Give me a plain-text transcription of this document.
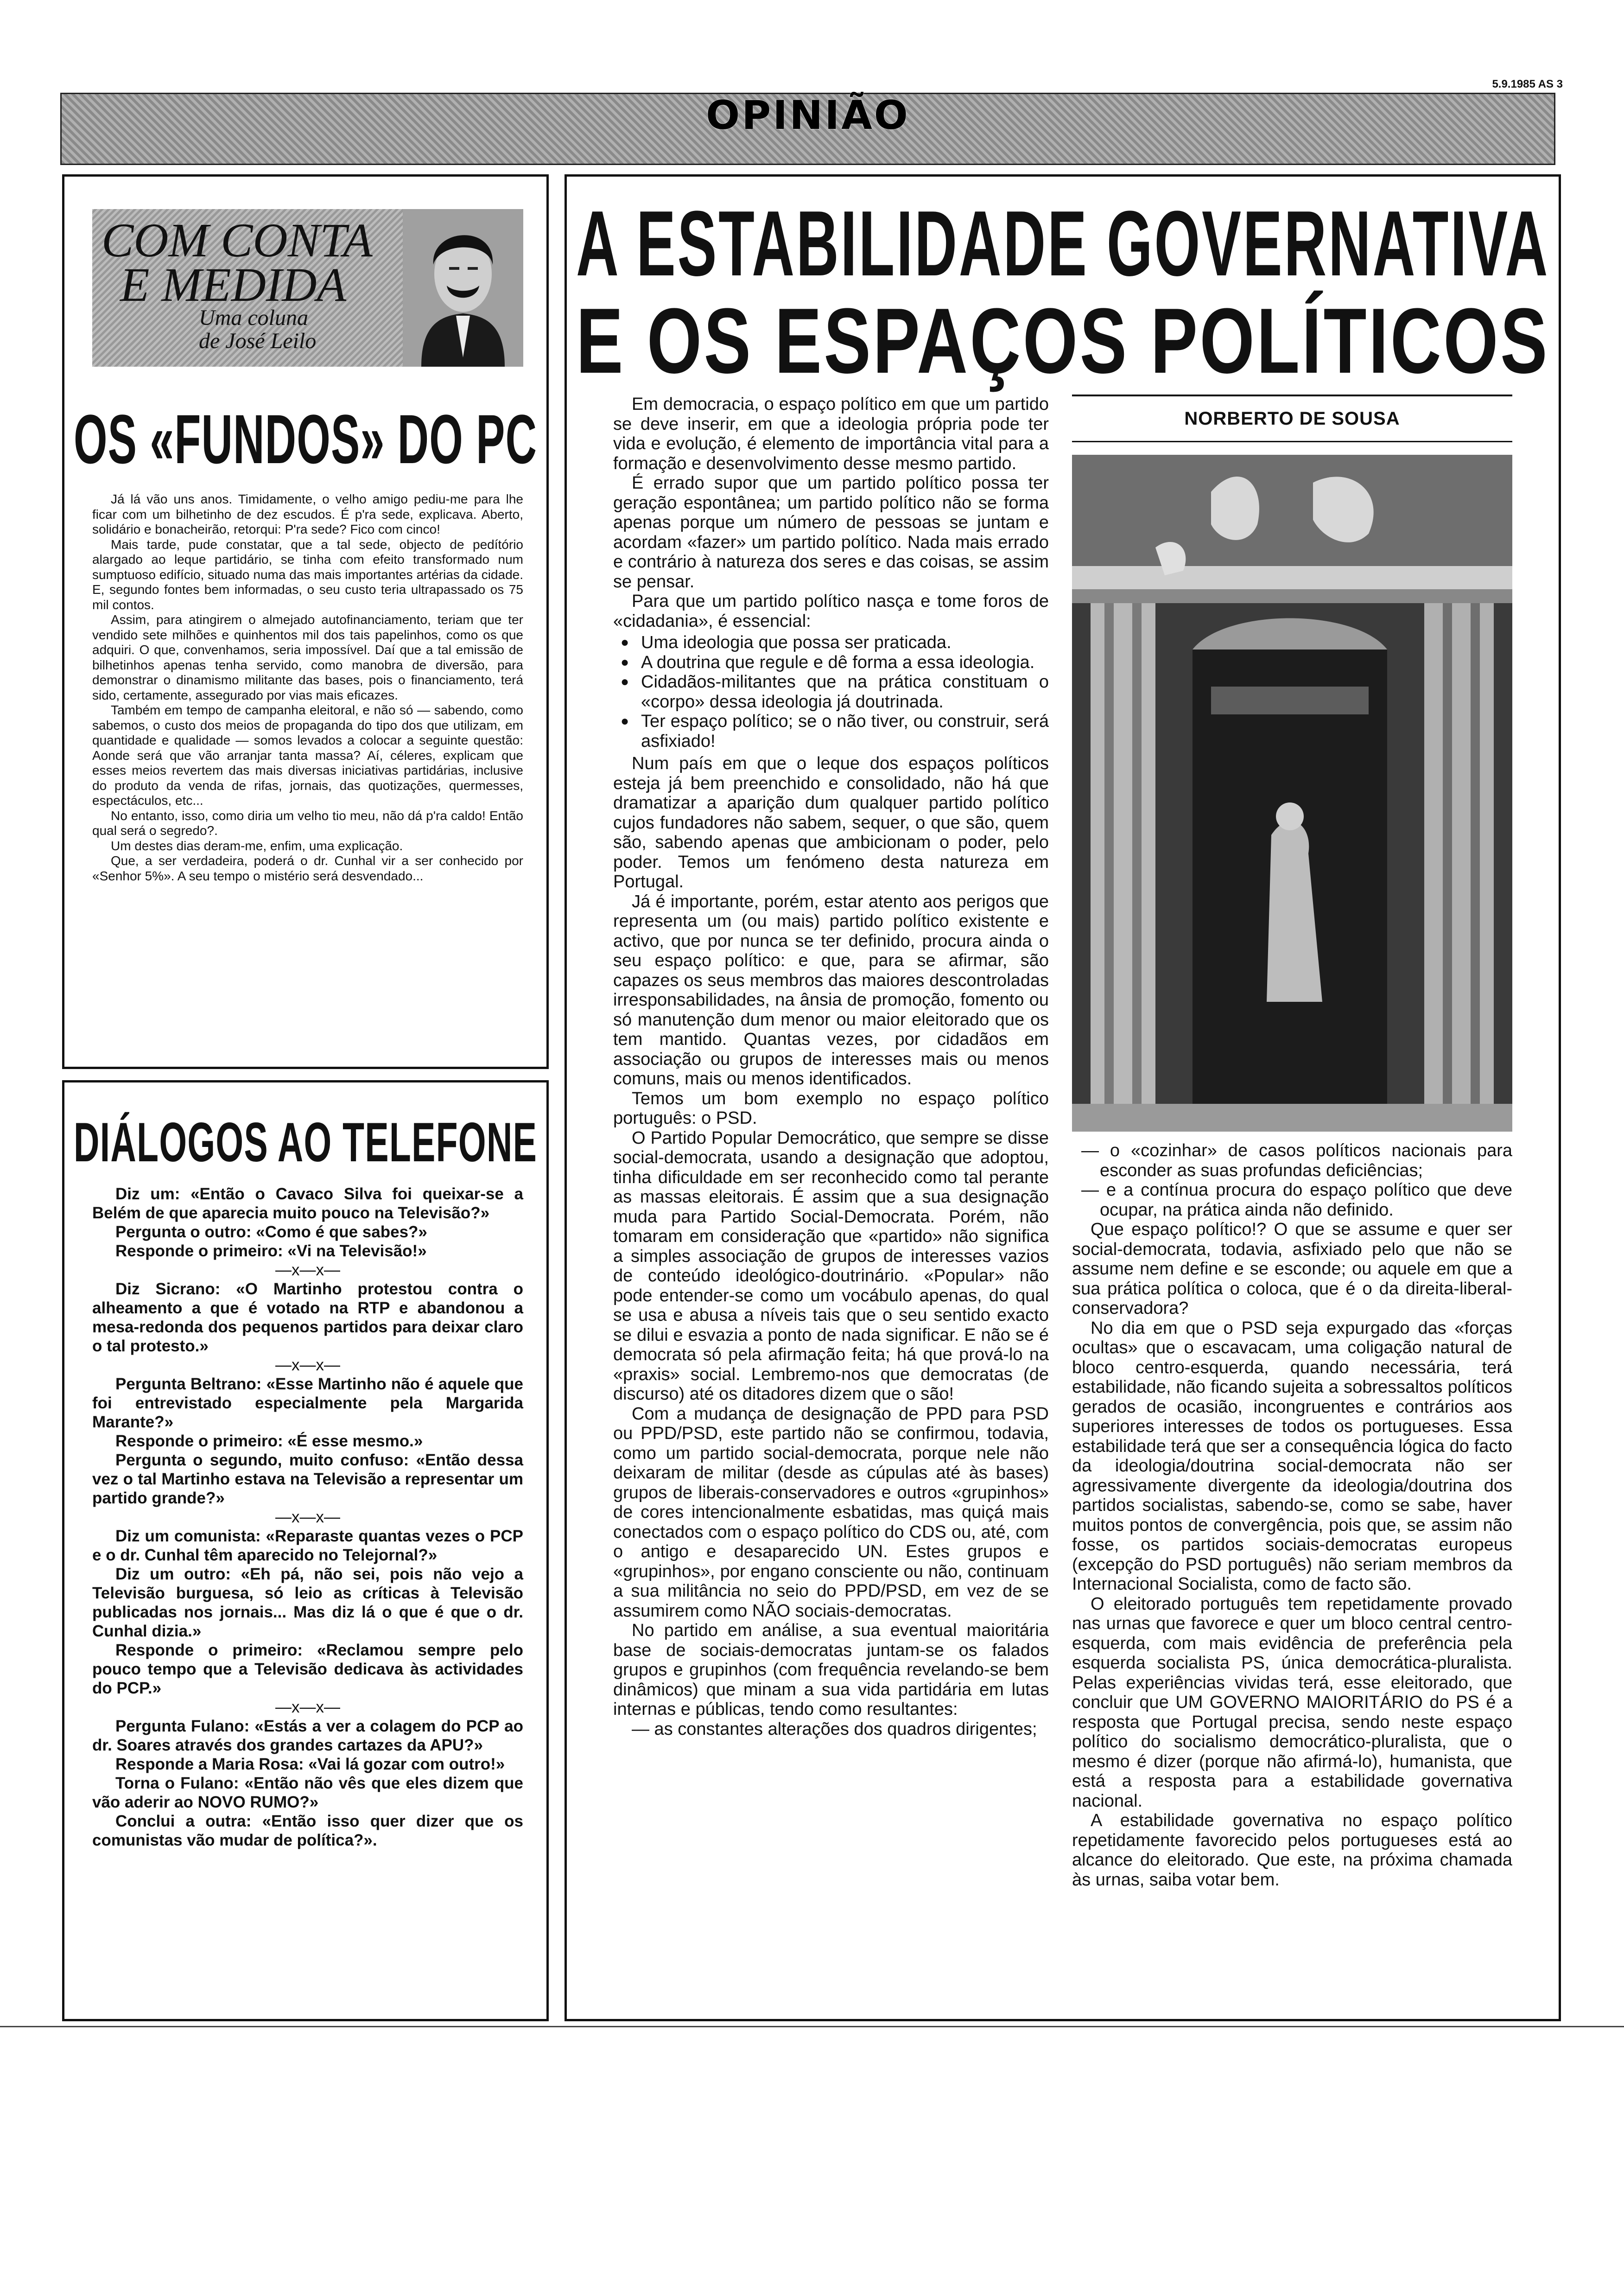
5.9.1985 AS 3
OPINIÃO
COM CONTA
E MEDIDA
Uma coluna
de José Leilo
OS «FUNDOS» DO PC

Já lá vão uns anos. Timidamente, o velho amigo pediu-me para lhe ficar com um bilhetinho de dez escudos. É p'ra sede, explicava. Aberto, solidário e bonacheirão, retorqui: P'ra sede? Fico com cinco!

Mais tarde, pude constatar, que a tal sede, objecto de pedítório alargado ao leque partidário, se tinha com efeito transformado num sumptuoso edifício, situado numa das mais importantes artérias da cidade. E, segundo fontes bem informadas, o seu custo teria ultrapassado os 75 mil contos.

Assim, para atingirem o almejado autofinanciamento, teriam que ter vendido sete milhões e quinhentos mil dos tais papelinhos, como os que adquiri. O que, convenhamos, seria impossível. Daí que a tal emissão de bilhetinhos apenas tenha servido, como manobra de diversão, para demonstrar o dinamismo militante das bases, pois o financiamento, terá sido, certamente, assegurado por vias mais eficazes.

Também em tempo de campanha eleitoral, e não só — sabendo, como sabemos, o custo dos meios de propaganda do tipo dos que utilizam, em quantidade e qualidade — somos levados a colocar a seguinte questão: Aonde será que vão arranjar tanta massa? Aí, céleres, explicam que esses meios revertem das mais diversas iniciativas partidárias, inclusive do produto da venda de rifas, jornais, das quotizações, quermesses, espectáculos, etc...

No entanto, isso, como diria um velho tio meu, não dá p'ra caldo! Então qual será o segredo?.

Um destes dias deram-me, enfim, uma explicação.

Que, a ser verdadeira, poderá o dr. Cunhal vir a ser conhecido por «Senhor 5%». A seu tempo o mistério será desvendado...

DIÁLOGOS AO TELEFONE

Diz um: «Então o Cavaco Silva foi queixar-se a Belém de que aparecia muito pouco na Televisão?»

Pergunta o outro: «Como é que sabes?»

Responde o primeiro: «Vi na Televisão!»

—x—x—

Diz Sicrano: «O Martinho protestou contra o alheamento a que é votado na RTP e abandonou a mesa-redonda dos pequenos partidos para deixar claro o tal protesto.»

—x—x—

Pergunta Beltrano: «Esse Martinho não é aquele que foi entrevistado especialmente pela Margarida Marante?»

Responde o primeiro: «É esse mesmo.»

Pergunta o segundo, muito confuso: «Então dessa vez o tal Martinho estava na Televisão a representar um partido grande?»

—x—x—

Diz um comunista: «Reparaste quantas vezes o PCP e o dr. Cunhal têm aparecido no Telejornal?»

Diz um outro: «Eh pá, não sei, pois não vejo a Televisão burguesa, só leio as críticas à Televisão publicadas nos jornais... Mas diz lá o que é que o dr. Cunhal dizia.»

Responde o primeiro: «Reclamou sempre pelo pouco tempo que a Televisão dedicava às actividades do PCP.»

—x—x—

Pergunta Fulano: «Estás a ver a colagem do PCP ao dr. Soares através dos grandes cartazes da APU?»

Responde a Maria Rosa: «Vai lá gozar com outro!»

Torna o Fulano: «Então não vês que eles dizem que vão aderir ao NOVO RUMO?»

Conclui a outra: «Então isso quer dizer que os comunistas vão mudar de política?».

A ESTABILIDADE GOVERNATIVA
E OS ESPAÇOS POLÍTICOS

Em democracia, o espaço político em que um partido se deve inserir, em que a ideologia própria pode ter vida e evolução, é elemento de importância vital para a formação e desenvolvimento desse mesmo partido.

É errado supor que um partido político possa ter geração espontânea; um partido político não se forma apenas porque um número de pessoas se juntam e acordam «fazer» um partido político. Nada mais errado e contrário à natureza dos seres e das coisas, se assim se pensar.

Para que um partido político nasça e tome foros de «cidadania», é essencial:

● Uma ideologia que possa ser praticada.
● A doutrina que regule e dê forma a essa ideologia.
● Cidadãos-militantes que na prática constituam o «corpo» dessa ideologia já doutrinada.
● Ter espaço político; se o não tiver, ou construir, será asfixiado!

Num país em que o leque dos espaços políticos esteja já bem preenchido e consolidado, não há que dramatizar a aparição dum qualquer partido político cujos fundadores não sabem, sequer, o que são, quem são, sabendo apenas que ambicionam o poder, pelo poder. Temos um fenómeno desta natureza em Portugal.

Já é importante, porém, estar atento aos perigos que representa um (ou mais) partido político existente e activo, que por nunca se ter definido, procura ainda o seu espaço político: e que, para se afirmar, são capazes os seus membros das maiores descontroladas irresponsabilidades, na ânsia de promoção, fomento ou só manutenção dum menor ou maior eleitorado que os tem mantido. Quantas vezes, por cidadãos em associação ou grupos de interesses mais ou menos comuns, mais ou menos identificados.

Temos um bom exemplo no espaço político português: o PSD.

O Partido Popular Democrático, que sempre se disse social-democrata, usando a designação que adoptou, tinha dificuldade em ser reconhecido como tal perante as massas eleitorais. É assim que a sua designação muda para Partido Social-Democrata. Porém, não tomaram em consideração que «partido» não significa a simples associação de grupos de interesses vazios de conteúdo ideológico-doutrinário. «Popular» não pode entender-se como um vocábulo apenas, do qual se usa e abusa a níveis tais que o seu sentido exacto se dilui e esvazia a ponto de nada significar. E não se é democrata só pela afirmação feita; há que prová-lo na «praxis» social. Lembremo-nos que democratas (de discurso) até os ditadores dizem que o são!

Com a mudança de designação de PPD para PSD ou PPD/PSD, este partido não se confirmou, todavia, como um partido social-democrata, porque nele não deixaram de militar (desde as cúpulas até às bases) grupos de liberais-conservadores e outros «grupinhos» de cores intencionalmente esbatidas, mas quiçá mais conectados com o espaço político do CDS ou, até, com o antigo e desaparecido UN. Estes grupos e «grupinhos», por engano consciente ou não, continuam a sua militância no seio do PPD/PSD, em vez de se assumirem como NÃO sociais-democratas.

No partido em análise, a sua eventual maioritária base de sociais-democratas juntam-se os falados grupos e grupinhos (com frequência revelando-se bem dinâmicos) que minam a sua vida partidária em lutas internas e públicas, tendo como resultantes:

— as constantes alterações dos quadros dirigentes;

NORBERTO DE SOUSA

— o «cozinhar» de casos políticos nacionais para esconder as suas profundas deficiências;

— e a contínua procura do espaço político que deve ocupar, na prática ainda não definido.

Que espaço político!? O que se assume e quer ser social-democrata, todavia, asfixiado pelo que não se assume nem define e se esconde; ou aquele em que a sua prática política o coloca, que é o da direita-liberal-conservadora?

No dia em que o PSD seja expurgado das «forças ocultas» que o escavacam, uma coligação natural de bloco centro-esquerda, quando necessária, terá estabilidade, não ficando sujeita a sobressaltos políticos gerados de ocasião, incongruentes e contrários aos superiores interesses de todos os portugueses. Essa estabilidade terá que ser a consequência lógica do facto da ideologia/doutrina social-democrata não ser agressivamente divergente da ideologia/doutrina dos partidos socialistas, sabendo-se, como se sabe, haver muitos pontos de convergência, pois que, se assim não fosse, os partidos sociais-democratas europeus (excepção do PSD português) não seriam membros da Internacional Socialista, como de facto são.

O eleitorado português tem repetidamente provado nas urnas que favorece e quer um bloco central centro-esquerda, com mais evidência de preferência pela esquerda socialista PS, única democrática-pluralista. Pelas experiências vividas terá, esse eleitorado, que concluir que UM GOVERNO MAIORITÁRIO do PS é a resposta que Portugal precisa, sendo neste espaço político do socialismo democrático-pluralista, que o mesmo é dizer (porque não afirmá-lo), humanista, que está a resposta para a estabilidade governativa nacional.

A estabilidade governativa no espaço político repetidamente favorecido pelos portugueses está ao alcance do eleitorado. Que este, na próxima chamada às urnas, saiba votar bem.
